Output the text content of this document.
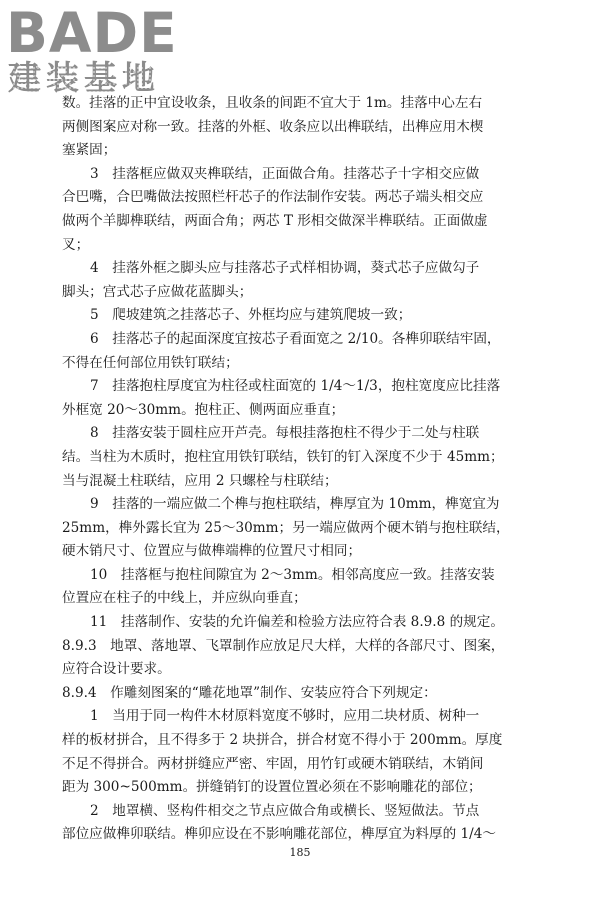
BADE
建装基地
数。挂落的正中宜设收条，且收条的间距不宜大于 1m。挂落中心左右
两侧图案应对称一致。挂落的外框、收条应以出榫联结，出榫应用木楔
塞紧固；
3　挂落框应做双夹榫联结，正面做合角。挂落芯子十字相交应做
合巴嘴，合巴嘴做法按照栏杆芯子的作法制作安装。两芯子端头相交应
做两个羊脚榫联结，两面合角；两芯 T 形相交做深半榫联结。正面做虚
叉；
4　挂落外框之脚头应与挂落芯子式样相协调，葵式芯子应做勾子
脚头；宫式芯子应做花蓝脚头；
5　爬坡建筑之挂落芯子、外框均应与建筑爬坡一致；
6　挂落芯子的起面深度宜按芯子看面宽之 2/10。各榫卯联结牢固，
不得在任何部位用铁钉联结；
7　挂落抱柱厚度宜为柱径或柱面宽的 1/4～1/3，抱柱宽度应比挂落
外框宽 20～30mm。抱柱正、侧两面应垂直；
8　挂落安装于圆柱应开芦壳。每根挂落抱柱不得少于二处与柱联
结。当柱为木质时，抱柱宜用铁钉联结，铁钉的钉入深度不少于 45mm；
当与混凝土柱联结，应用 2 只螺栓与柱联结；
9　挂落的一端应做二个榫与抱柱联结，榫厚宜为 10mm，榫宽宜为
25mm，榫外露长宜为 25～30mm；另一端应做两个硬木销与抱柱联结，
硬木销尺寸、位置应与做榫端榫的位置尺寸相同；
10　挂落框与抱柱间隙宜为 2～3mm。相邻高度应一致。挂落安装
位置应在柱子的中线上，并应纵向垂直；
11　挂落制作、安装的允许偏差和检验方法应符合表 8.9.8 的规定。
8.9.3　地罩、落地罩、飞罩制作应放足尺大样，大样的各部尺寸、图案，
应符合设计要求。
8.9.4　作雕刻图案的“雕花地罩”制作、安装应符合下列规定：
1　当用于同一构件木材原料宽度不够时，应用二块材质、树种一
样的板材拼合，且不得多于 2 块拼合，拼合材宽不得小于 200mm。厚度
不足不得拼合。两材拼缝应严密、牢固，用竹钉或硬木销联结，木销间
距为 300~500mm。拼缝销钉的设置位置必须在不影响雕花的部位；
2　地罩横、竖构件相交之节点应做合角或横长、竖短做法。节点
部位应做榫卯联结。榫卯应设在不影响雕花部位，榫厚宜为料厚的 1/4～
185
